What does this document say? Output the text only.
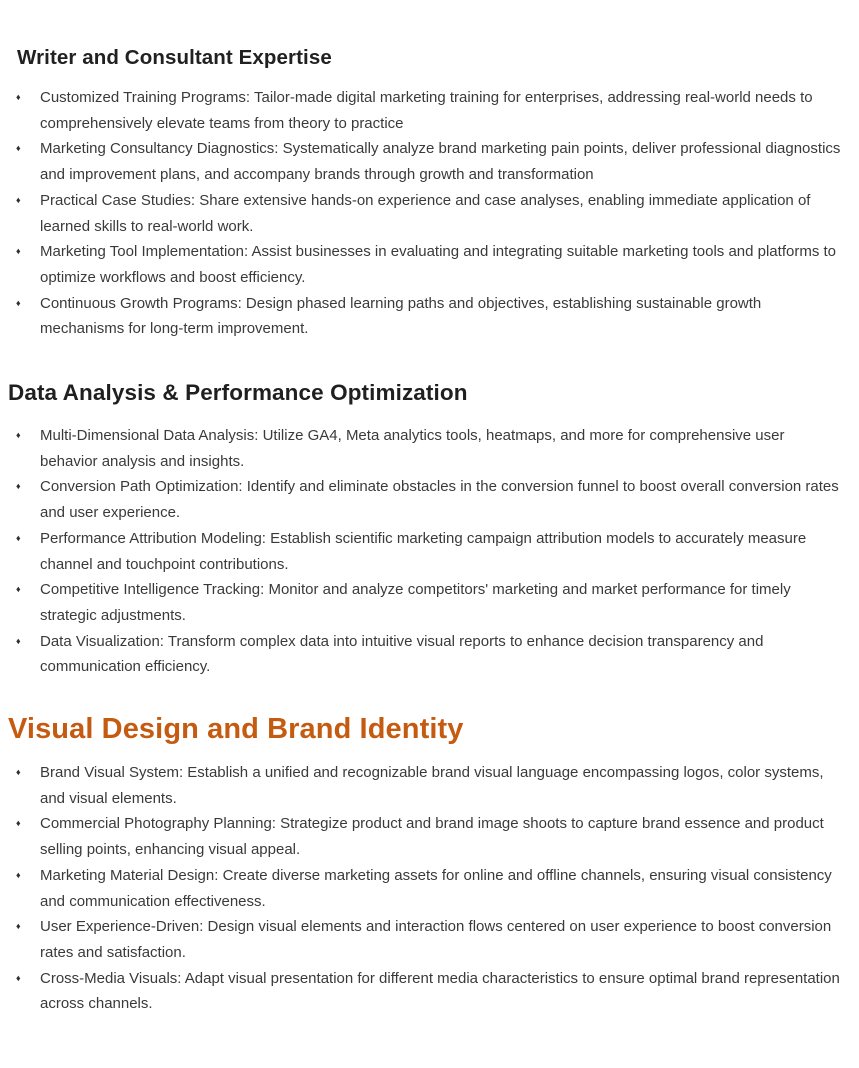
Writer and Consultant Expertise
♦ Customized Training Programs: Tailor-made digital marketing training for enterprises, addressing real-world needs to comprehensively elevate teams from theory to practice
♦ Marketing Consultancy Diagnostics: Systematically analyze brand marketing pain points, deliver professional diagnostics and improvement plans, and accompany brands through growth and transformation
♦ Practical Case Studies: Share extensive hands-on experience and case analyses, enabling immediate application of learned skills to real-world work.
♦ Marketing Tool Implementation: Assist businesses in evaluating and integrating suitable marketing tools and platforms to optimize workflows and boost efficiency.
♦ Continuous Growth Programs: Design phased learning paths and objectives, establishing sustainable growth mechanisms for long-term improvement.
Data Analysis & Performance Optimization
♦ Multi-Dimensional Data Analysis: Utilize GA4, Meta analytics tools, heatmaps, and more for comprehensive user behavior analysis and insights.
♦ Conversion Path Optimization: Identify and eliminate obstacles in the conversion funnel to boost overall conversion rates and user experience.
♦ Performance Attribution Modeling: Establish scientific marketing campaign attribution models to accurately measure channel and touchpoint contributions.
♦ Competitive Intelligence Tracking: Monitor and analyze competitors' marketing and market performance for timely strategic adjustments.
♦ Data Visualization: Transform complex data into intuitive visual reports to enhance decision transparency and communication efficiency.
Visual Design and Brand Identity
♦ Brand Visual System: Establish a unified and recognizable brand visual language encompassing logos, color systems, and visual elements.
♦ Commercial Photography Planning: Strategize product and brand image shoots to capture brand essence and product selling points, enhancing visual appeal.
♦ Marketing Material Design: Create diverse marketing assets for online and offline channels, ensuring visual consistency and communication effectiveness.
♦ User Experience-Driven: Design visual elements and interaction flows centered on user experience to boost conversion rates and satisfaction.
♦ Cross-Media Visuals: Adapt visual presentation for different media characteristics to ensure optimal brand representation across channels.
